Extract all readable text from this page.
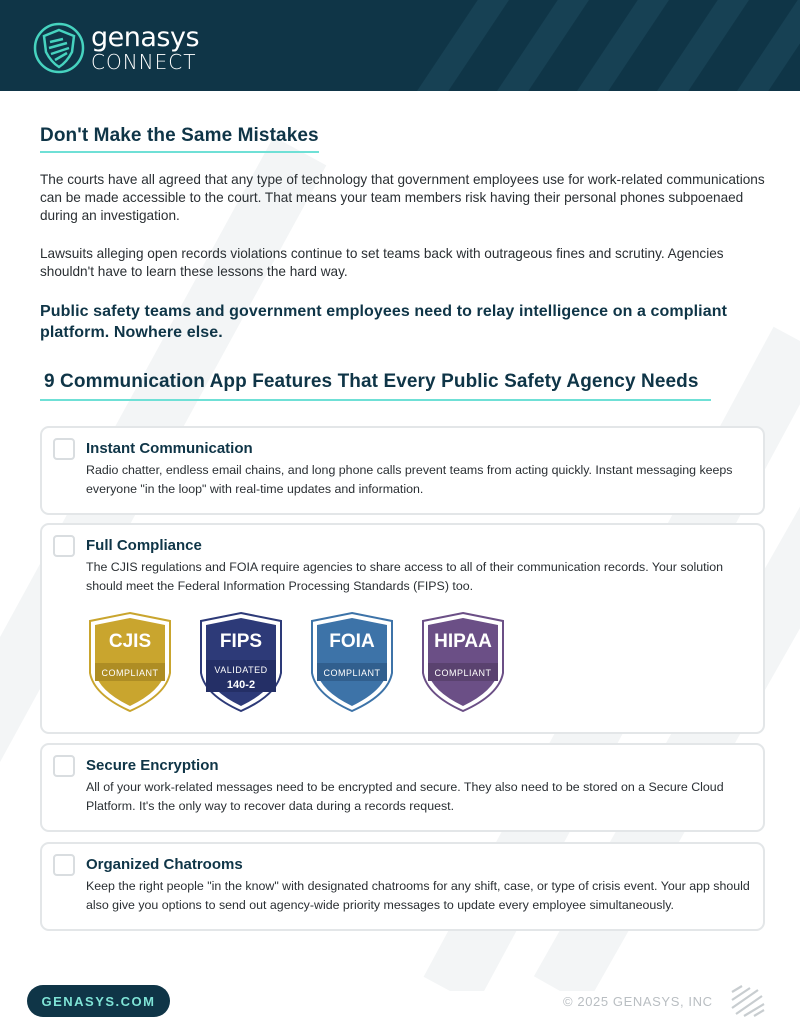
genasys
CONNECT
Don't Make the Same Mistakes

The courts have all agreed that any type of technology that government employees use for work-related communications can be made accessible to the court. That means your team members risk having their personal phones subpoenaed during an investigation.

Lawsuits alleging open records violations continue to set teams back with outrageous fines and scrutiny. Agencies shouldn't have to learn these lessons the hard way.

Public safety teams and government employees need to relay intelligence on a compliant platform. Nowhere else.

9 Communication App Features That Every Public Safety Agency Needs
Instant Communication
Radio chatter, endless email chains, and long phone calls prevent teams from acting quickly. Instant messaging keeps everyone "in the loop" with real-time updates and information.
Full Compliance
The CJIS regulations and FOIA require agencies to share access to all of their communication records. Your solution should meet the Federal Information Processing Standards (FIPS) too.
CJIS
COMPLIANT
FIPS
VALIDATED
140-2
FOIA
COMPLIANT
HIPAA
COMPLIANT
Secure Encryption
All of your work-related messages need to be encrypted and secure. They also need to be stored on a Secure Cloud Platform. It's the only way to recover data during a records request.
Organized Chatrooms
Keep the right people "in the know" with designated chatrooms for any shift, case, or type of crisis event. Your app should also give you options to send out agency-wide priority messages to update every employee simultaneously.
GENASYS.COM	© 2025 GENASYS, INC
